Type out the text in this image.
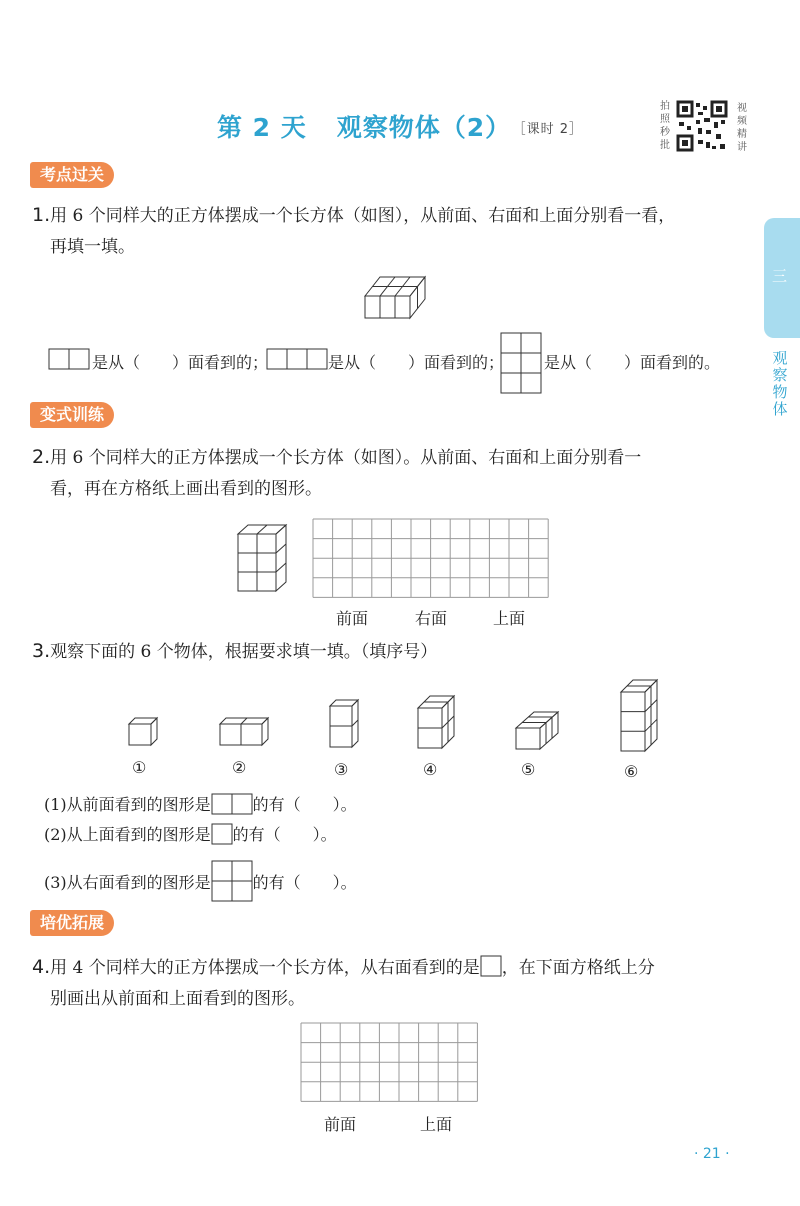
第 2 天 观察物体（2） ［课时 2］
拍照秒批
视频精讲
三
观察物体
考点过关
1.用 6 个同样大的正方体摆成一个长方体（如图），从前面、右面和上面分别看一看，
再填一填。
是从（　　）面看到的；	是从（　　）面看到的； 是从（　　）面看到的。
变式训练
2.用 6 个同样大的正方体摆成一个长方体（如图）。从前面、右面和上面分别看一
看，再在方格纸上画出看到的图形。
前面	右面	上面
3.观察下面的 6 个物体，根据要求填一填。（填序号）
①	②	③	④	⑤	⑥
(1)从前面看到的图形是	的有（　　）。
(2)从上面看到的图形是 的有（　　）。
(3)从右面看到的图形是	的有（　　）。
培优拓展
4.用 4 个同样大的正方体摆成一个长方体，从右面看到的是 ，在下面方格纸上分
别画出从前面和上面看到的图形。
前面	上面
· 21 ·
